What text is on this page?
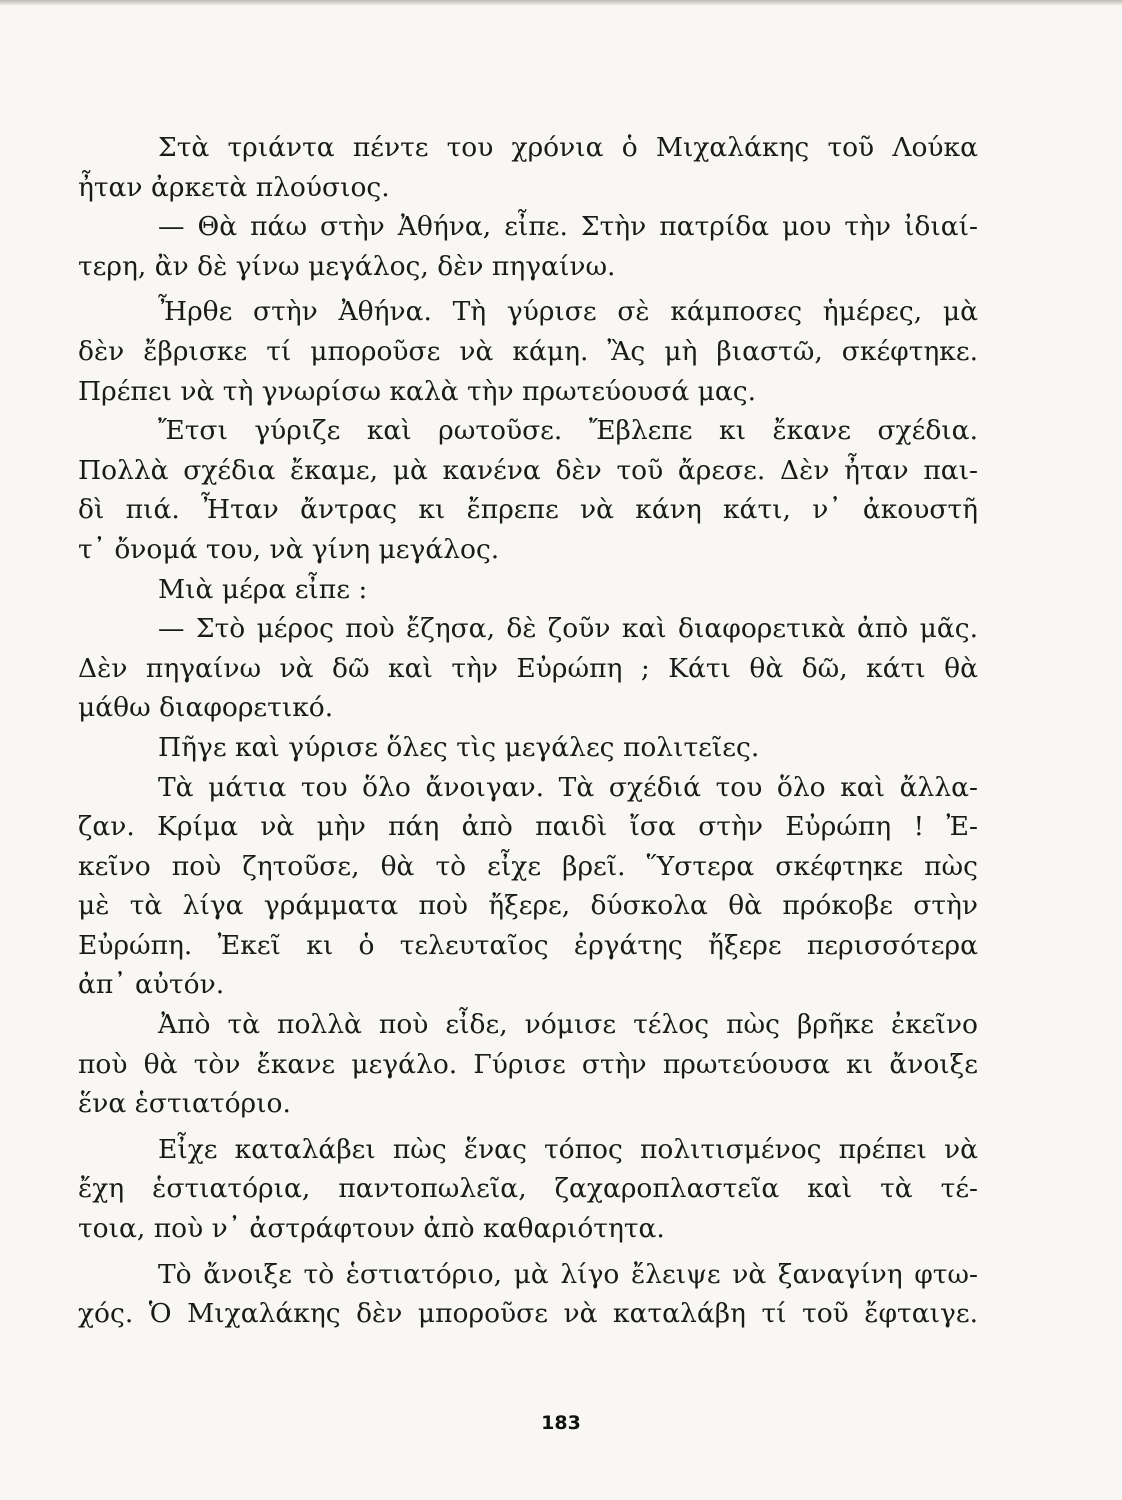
Στὰ τριάντα πέντε του χρόνια ὁ Μιχαλάκης τοῦ Λούκα
ἦταν ἀρκετὰ πλούσιος.
— Θὰ πάω στὴν Ἀθήνα, εἶπε. Στὴν πατρίδα μου τὴν ἰδιαί-
τερη, ἂν δὲ γίνω μεγάλος, δὲν πηγαίνω.
Ἦρθε στὴν Ἀθήνα. Τὴ γύρισε σὲ κάμποσες ἡμέρες, μὰ
δὲν ἔβρισκε τί μποροῦσε νὰ κάμη. Ἂς μὴ βιαστῶ, σκέφτηκε.
Πρέπει νὰ τὴ γνωρίσω καλὰ τὴν πρωτεύουσά μας.
Ἔτσι γύριζε καὶ ρωτοῦσε. Ἔβλεπε κι ἔκανε σχέδια.
Πολλὰ σχέδια ἔκαμε, μὰ κανένα δὲν τοῦ ἄρεσε. Δὲν ἦταν παι-
δὶ πιά. Ἦταν ἄντρας κι ἔπρεπε νὰ κάνη κάτι, ν᾿ ἀκουστῆ
τ᾿ ὄνομά του, νὰ γίνη μεγάλος.
Μιὰ μέρα εἶπε :
— Στὸ μέρος ποὺ ἔζησα, δὲ ζοῦν καὶ διαφορετικὰ ἀπὸ μᾶς.
Δὲν πηγαίνω νὰ δῶ καὶ τὴν Εὐρώπη ; Κάτι θὰ δῶ, κάτι θὰ
μάθω διαφορετικό.
Πῆγε καὶ γύρισε ὅλες τὶς μεγάλες πολιτεῖες.
Τὰ μάτια του ὅλο ἄνοιγαν. Τὰ σχέδιά του ὅλο καὶ ἄλλα-
ζαν. Κρίμα νὰ μὴν πάη ἀπὸ παιδὶ ἴσα στὴν Εὐρώπη ! Ἐ-
κεῖνο ποὺ ζητοῦσε, θὰ τὸ εἶχε βρεῖ. Ὕστερα σκέφτηκε πὼς
μὲ τὰ λίγα γράμματα ποὺ ἤξερε, δύσκολα θὰ πρόκοβε στὴν
Εὐρώπη. Ἐκεῖ κι ὁ τελευταῖος ἐργάτης ἤξερε περισσότερα
ἀπ᾿ αὐτόν.
Ἀπὸ τὰ πολλὰ ποὺ εἶδε, νόμισε τέλος πὼς βρῆκε ἐκεῖνο
ποὺ θὰ τὸν ἔκανε μεγάλο. Γύρισε στὴν πρωτεύουσα κι ἄνοιξε
ἕνα ἑστιατόριο.
Εἶχε καταλάβει πὼς ἕνας τόπος πολιτισμένος πρέπει νὰ
ἔχη ἑστιατόρια, παντοπωλεῖα, ζαχαροπλαστεῖα καὶ τὰ τέ-
τοια, ποὺ ν᾿ ἀστράφτουν ἀπὸ καθαριότητα.
Τὸ ἄνοιξε τὸ ἑστιατόριο, μὰ λίγο ἔλειψε νὰ ξαναγίνη φτω-
χός. Ὁ Μιχαλάκης δὲν μποροῦσε νὰ καταλάβη τί τοῦ ἔφταιγε.
183
